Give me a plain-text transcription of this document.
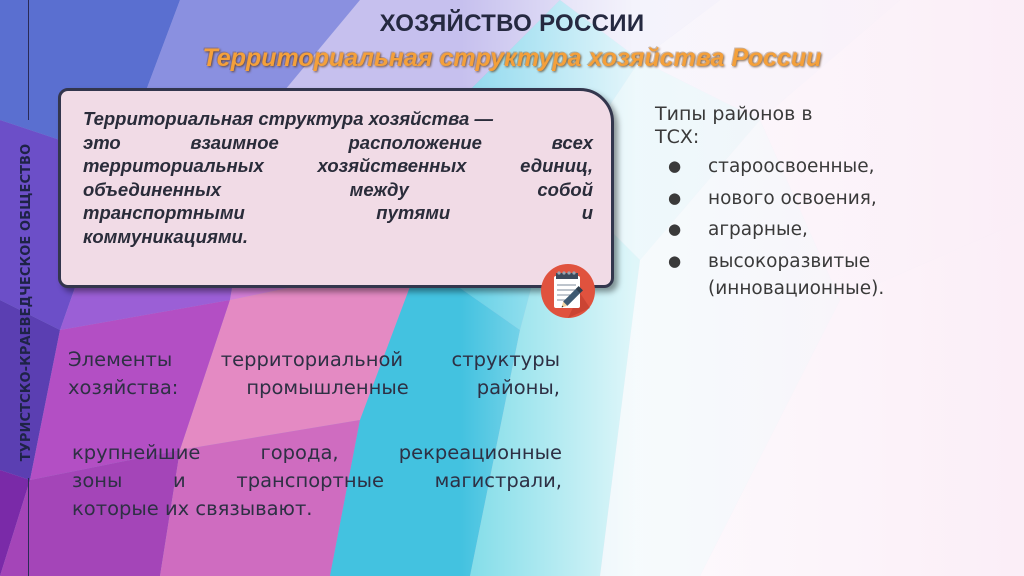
ТУРИСТСКО-КРАЕВЕДЧЕСКОЕ ОБЩЕСТВО
ХОЗЯЙСТВО РОССИИ
Территориальная структура хозяйства России
Территориальная структура хозяйства —
это взаимное расположение всех
территориальных хозяйственных единиц,
объединенных между собой
транспортными путями и
коммуникациями.
Типы районов в
ТСХ:
● староосвоенные,
● нового освоения,
● аграрные,
● высокоразвитые
(инновационные).
Элементы территориальной структуры
хозяйства: промышленные районы,
крупнейшие города, рекреационные
зоны и транспортные магистрали,
которые их связывают.
